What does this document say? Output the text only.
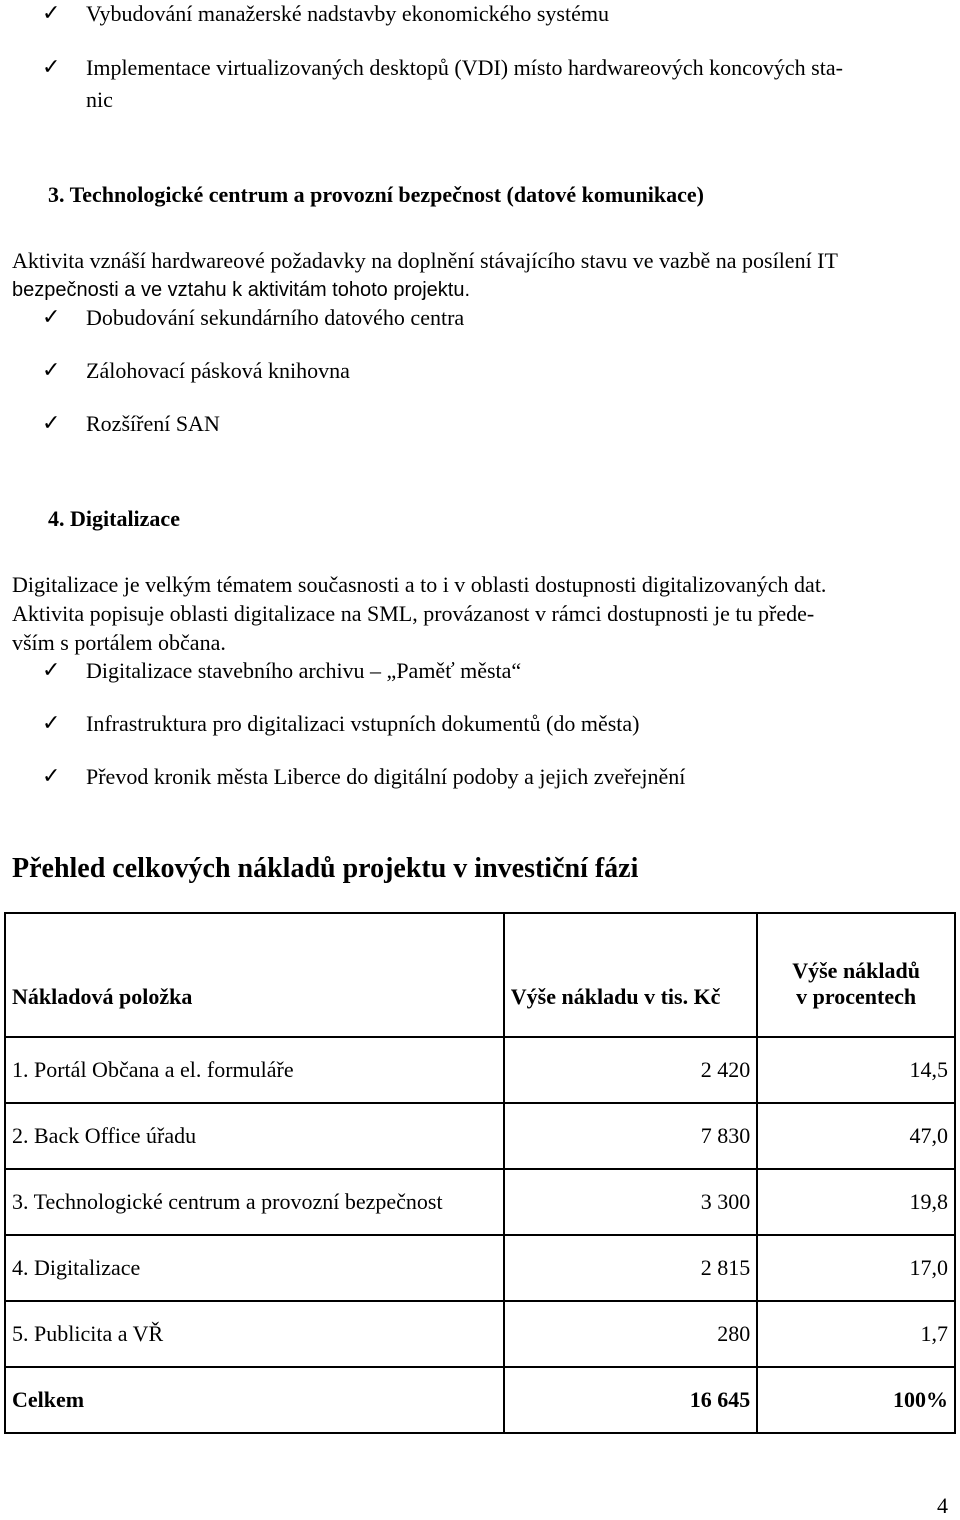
✓ Vybudování manažerské nadstavby ekonomického systému
✓ Implementace virtualizovaných desktopů (VDI) místo hardwareových koncových sta-
nic
3. Technologické centrum a provozní bezpečnost (datové komunikace)
Aktivita vznáší hardwareové požadavky na doplnění stávajícího stavu ve vazbě na posílení IT
bezpečnosti a ve vztahu k aktivitám tohoto projektu.
✓ Dobudování sekundárního datového centra
✓ Zálohovací pásková knihovna
✓ Rozšíření SAN
4. Digitalizace
Digitalizace je velkým tématem současnosti a to i v oblasti dostupnosti digitalizovaných dat.
Aktivita popisuje oblasti digitalizace na SML, provázanost v rámci dostupnosti je tu přede-
vším s portálem občana.
✓ Digitalizace stavebního archivu – „Paměť města“
✓ Infrastruktura pro digitalizaci vstupních dokumentů (do města)
✓ Převod kronik města Liberce do digitální podoby a jejich zveřejnění
Přehled celkových nákladů projektu v investiční fázi
Nákladová položka	Výše nákladu v tis. Kč	Výše nákladů
v procentech

1. Portál Občana a el. formuláře	2 420	14,5
2. Back Office úřadu	7 830	47,0
3. Technologické centrum a provozní bezpečnost	3 300	19,8
4. Digitalizace	2 815	17,0
5. Publicita a VŘ	280	1,7
Celkem	16 645	100%
4
